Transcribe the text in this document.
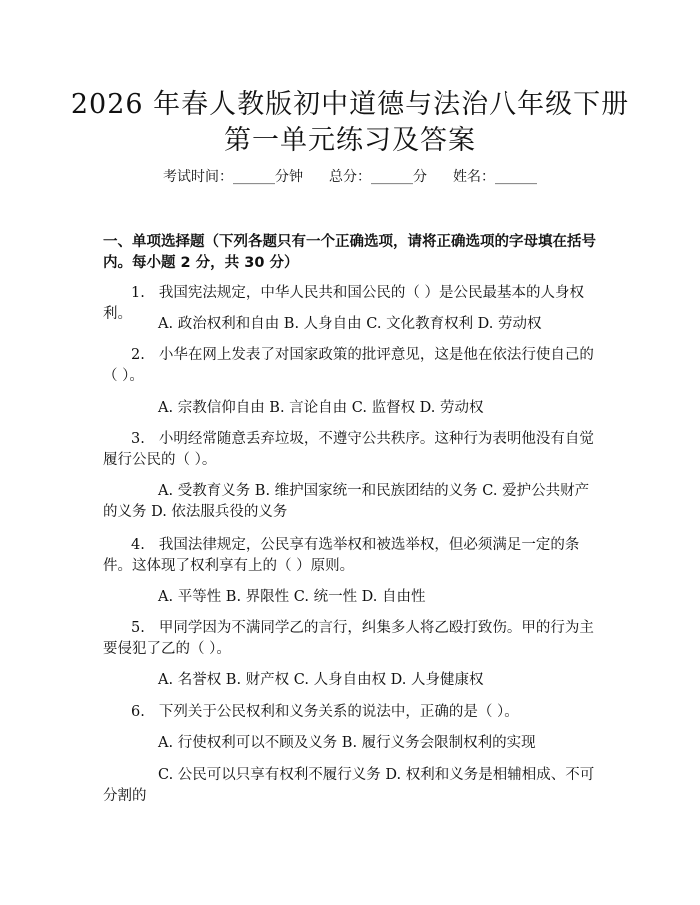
2026 年春人教版初中道德与法治八年级下册
第一单元练习及答案
考试时间：______分钟 总分：______分 姓名：______
一、单项选择题（下列各题只有一个正确选项，请将正确选项的字母填在括号内。每小题 2 分，共 30 分）
1. 我国宪法规定，中华人民共和国公民的（ ）是公民最基本的人身权利。
A. 政治权利和自由 B. 人身自由 C. 文化教育权利 D. 劳动权
2. 小华在网上发表了对国家政策的批评意见，这是他在依法行使自己的（ ）。
A. 宗教信仰自由 B. 言论自由 C. 监督权 D. 劳动权
3. 小明经常随意丢弃垃圾，不遵守公共秩序。这种行为表明他没有自觉履行公民的（ ）。
A. 受教育义务 B. 维护国家统一和民族团结的义务 C. 爱护公共财产的义务 D. 依法服兵役的义务
4. 我国法律规定，公民享有选举权和被选举权，但必须满足一定的条件。这体现了权利享有上的（ ）原则。
A. 平等性 B. 界限性 C. 统一性 D. 自由性
5. 甲同学因为不满同学乙的言行，纠集多人将乙殴打致伤。甲的行为主要侵犯了乙的（ ）。
A. 名誉权 B. 财产权 C. 人身自由权 D. 人身健康权
6. 下列关于公民权利和义务关系的说法中，正确的是（ ）。
A. 行使权利可以不顾及义务 B. 履行义务会限制权利的实现
C. 公民可以只享有权利不履行义务 D. 权利和义务是相辅相成、不可分割的
